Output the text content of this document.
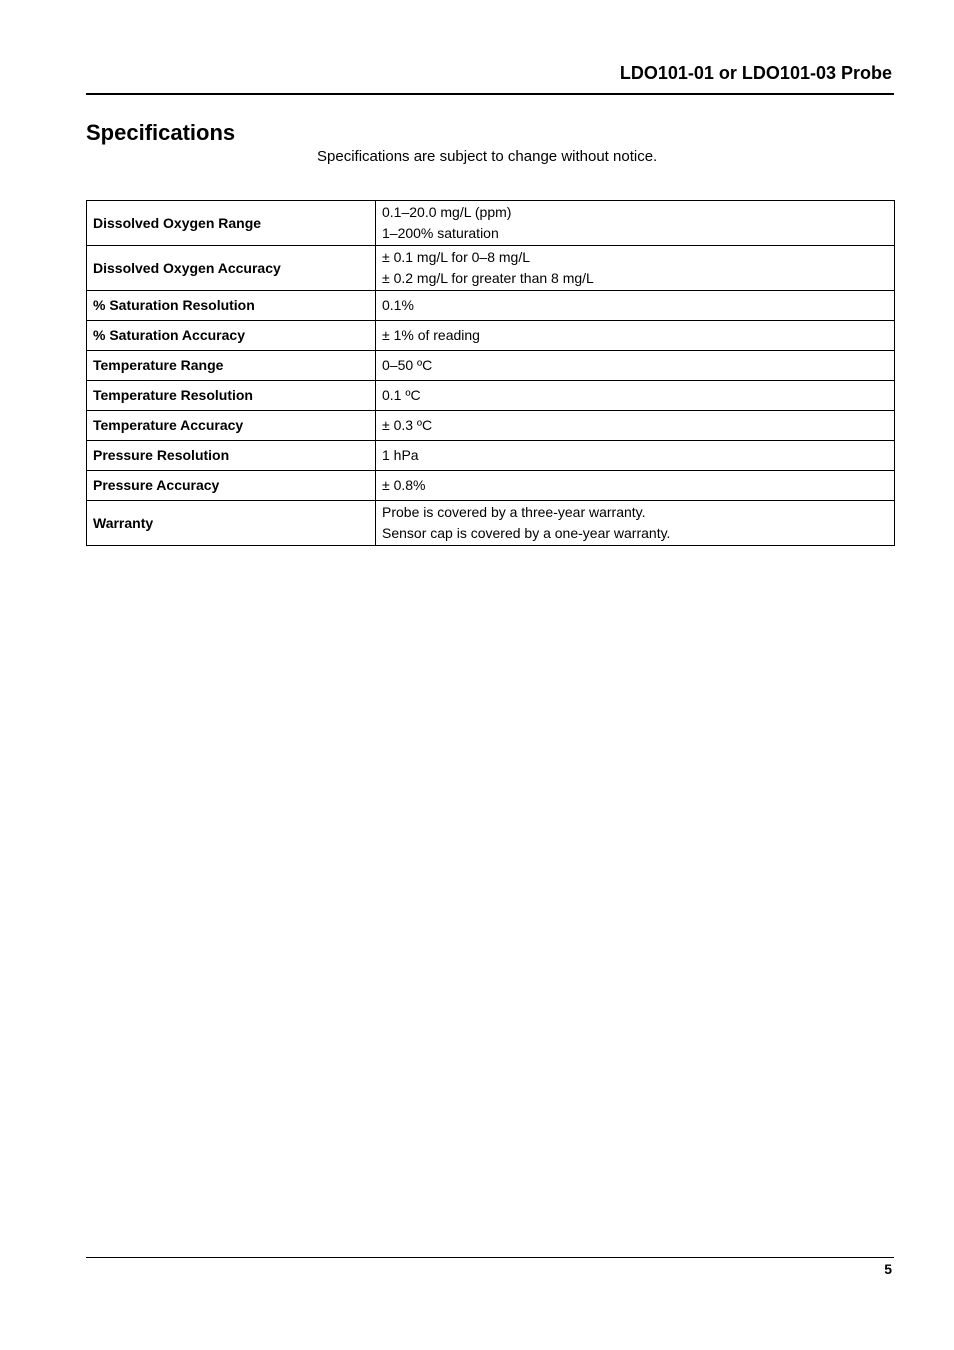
LDO101-01 or LDO101-03 Probe
Specifications
Specifications are subject to change without notice.
Dissolved Oxygen Range	0.1–20.0 mg/L (ppm)
1–200% saturation

Dissolved Oxygen Accuracy	± 0.1 mg/L for 0–8 mg/L
± 0.2 mg/L for greater than 8 mg/L

% Saturation Resolution	0.1%
% Saturation Accuracy	± 1% of reading
Temperature Range	0–50 ºC
Temperature Resolution	0.1 ºC
Temperature Accuracy	± 0.3 ºC
Pressure Resolution	1 hPa
Pressure Accuracy	± 0.8%
Warranty	Probe is covered by a three-year warranty.
Sensor cap is covered by a one-year warranty.
5
